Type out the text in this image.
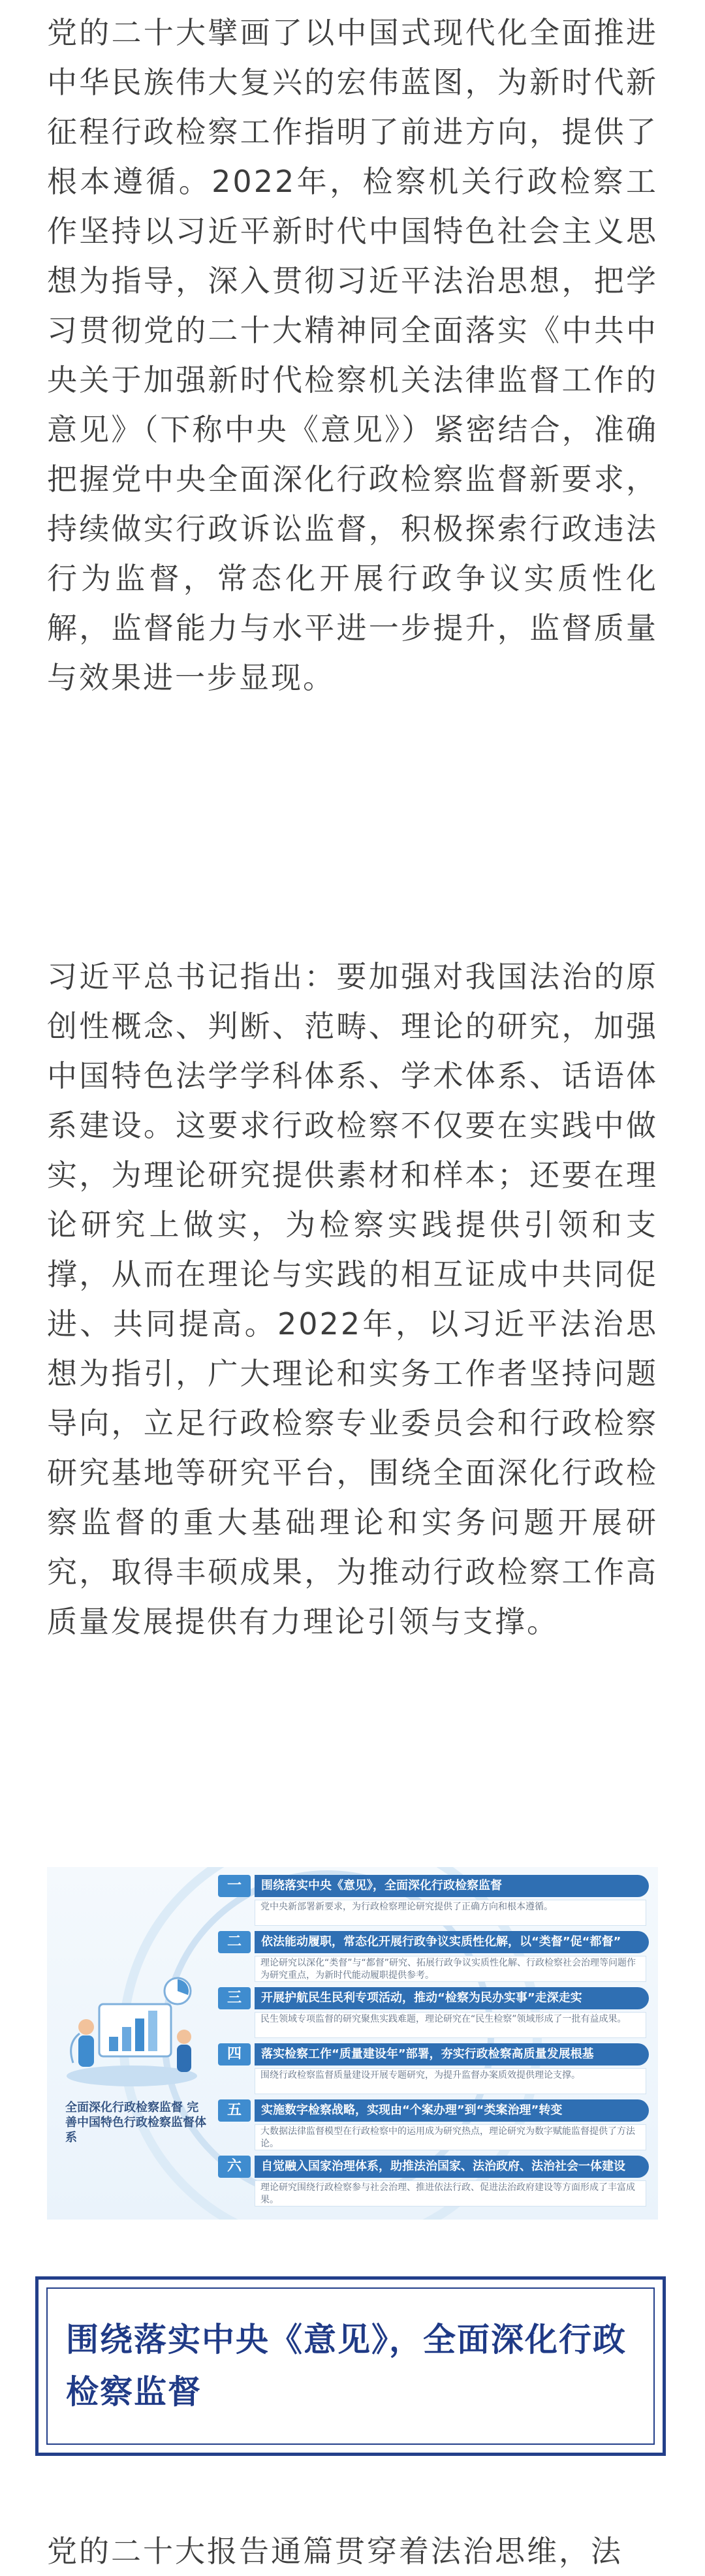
党的二十大擘画了以中国式现代化全面推进中华民族伟大复兴的宏伟蓝图，为新时代新征程行政检察工作指明了前进方向，提供了根本遵循。2022年，检察机关行政检察工作坚持以习近平新时代中国特色社会主义思想为指导，深入贯彻习近平法治思想，把学习贯彻党的二十大精神同全面落实《中共中央关于加强新时代检察机关法律监督工作的意见》（下称中央《意见》）紧密结合，准确把握党中央全面深化行政检察监督新要求，持续做实行政诉讼监督，积极探索行政违法行为监督，常态化开展行政争议实质性化解，监督能力与水平进一步提升，监督质量与效果进一步显现。

习近平总书记指出：要加强对我国法治的原创性概念、判断、范畴、理论的研究，加强中国特色法学学科体系、学术体系、话语体系建设。这要求行政检察不仅要在实践中做实，为理论研究提供素材和样本；还要在理论研究上做实，为检察实践提供引领和支撑，从而在理论与实践的相互证成中共同促进、共同提高。2022年，以习近平法治思想为指引，广大理论和实务工作者坚持问题导向，立足行政检察专业委员会和行政检察研究基地等研究平台，围绕全面深化行政检察监督的重大基础理论和实务问题开展研究，取得丰硕成果，为推动行政检察工作高质量发展提供有力理论引领与支撑。

全面深化行政检察监督 完善中国特色行政检察监督体系

一	围绕落实中央《意见》，全面深化行政检察监督
党中央新部署新要求，为行政检察理论研究提供了正确方向和根本遵循。
二	依法能动履职，常态化开展行政争议实质性化解，以“类督”促“都督”
理论研究以深化“类督”与“都督”研究、拓展行政争议实质性化解、行政检察社会治理等问题作为研究重点，为新时代能动履职提供参考。
三	开展护航民生民利专项活动，推动“检察为民办实事”走深走实
民生领域专项监督的研究聚焦实践难题，理论研究在“民生检察”领域形成了一批有益成果。
四	落实检察工作“质量建设年”部署，夯实行政检察高质量发展根基
围绕行政检察监督质量建设开展专题研究，为提升监督办案质效提供理论支撑。
五	实施数字检察战略，实现由“个案办理”到“类案治理”转变
大数据法律监督模型在行政检察中的运用成为研究热点，理论研究为数字赋能监督提供了方法论。
六	自觉融入国家治理体系，助推法治国家、法治政府、法治社会一体建设
理论研究围绕行政检察参与社会治理、推进依法行政、促进法治政府建设等方面形成了丰富成果。
围绕落实中央《意见》，全面深化行政检察监督

党的二十大报告通篇贯穿着法治思维，法
